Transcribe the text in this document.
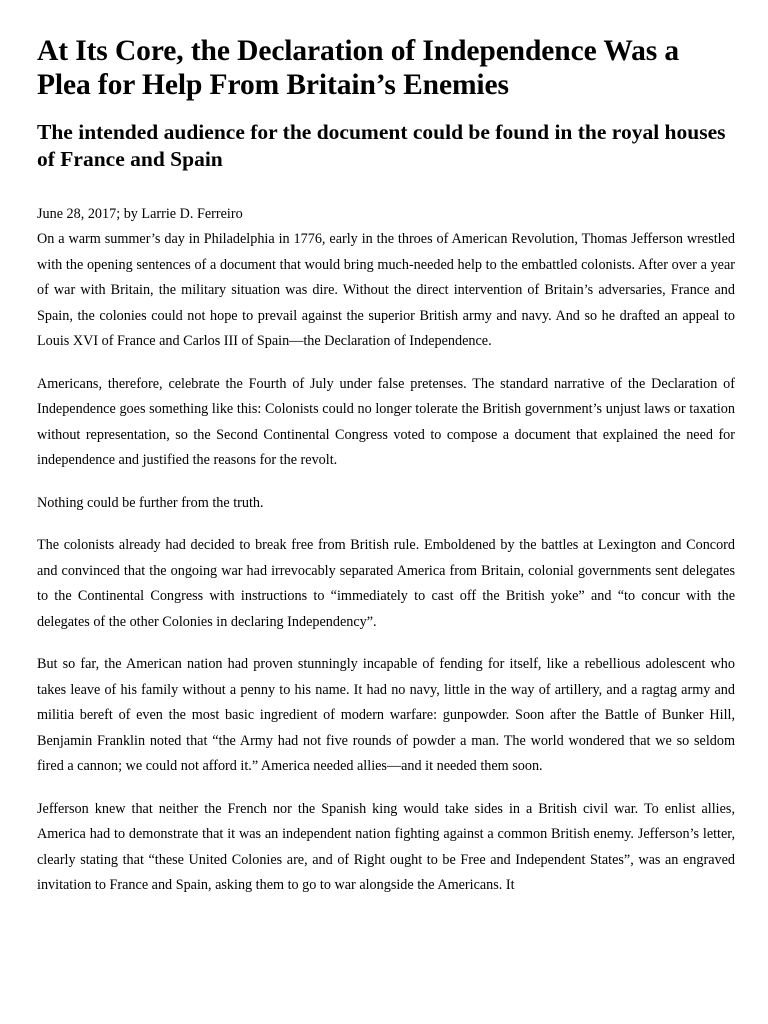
At Its Core, the Declaration of Independence Was a Plea for Help From Britain’s Enemies
The intended audience for the document could be found in the royal houses of France and Spain
June 28, 2017; by Larrie D. Ferreiro

On a warm summer’s day in Philadelphia in 1776, early in the throes of American Revolution, Thomas Jefferson wrestled with the opening sentences of a document that would bring much-needed help to the embattled colonists. After over a year of war with Britain, the military situation was dire. Without the direct intervention of Britain’s adversaries, France and Spain, the colonies could not hope to prevail against the superior British army and navy. And so he drafted an appeal to Louis XVI of France and Carlos III of Spain—the Declaration of Independence.

Americans, therefore, celebrate the Fourth of July under false pretenses. The standard narrative of the Declaration of Independence goes something like this: Colonists could no longer tolerate the British government’s unjust laws or taxation without representation, so the Second Continental Congress voted to compose a document that explained the need for independence and justified the reasons for the revolt.

Nothing could be further from the truth.

The colonists already had decided to break free from British rule. Emboldened by the battles at Lexington and Concord and convinced that the ongoing war had irrevocably separated America from Britain, colonial governments sent delegates to the Continental Congress with instructions to “immediately to cast off the British yoke” and “to concur with the delegates of the other Colonies in declaring Independency”.

But so far, the American nation had proven stunningly incapable of fending for itself, like a rebellious adolescent who takes leave of his family without a penny to his name. It had no navy, little in the way of artillery, and a ragtag army and militia bereft of even the most basic ingredient of modern warfare: gunpowder. Soon after the Battle of Bunker Hill, Benjamin Franklin noted that “the Army had not five rounds of powder a man. The world wondered that we so seldom fired a cannon; we could not afford it.” America needed allies—and it needed them soon.

Jefferson knew that neither the French nor the Spanish king would take sides in a British civil war. To enlist allies, America had to demonstrate that it was an independent nation fighting against a common British enemy. Jefferson’s letter, clearly stating that “these United Colonies are, and of Right ought to be Free and Independent States”, was an engraved invitation to France and Spain, asking them to go to war alongside the Americans. It
